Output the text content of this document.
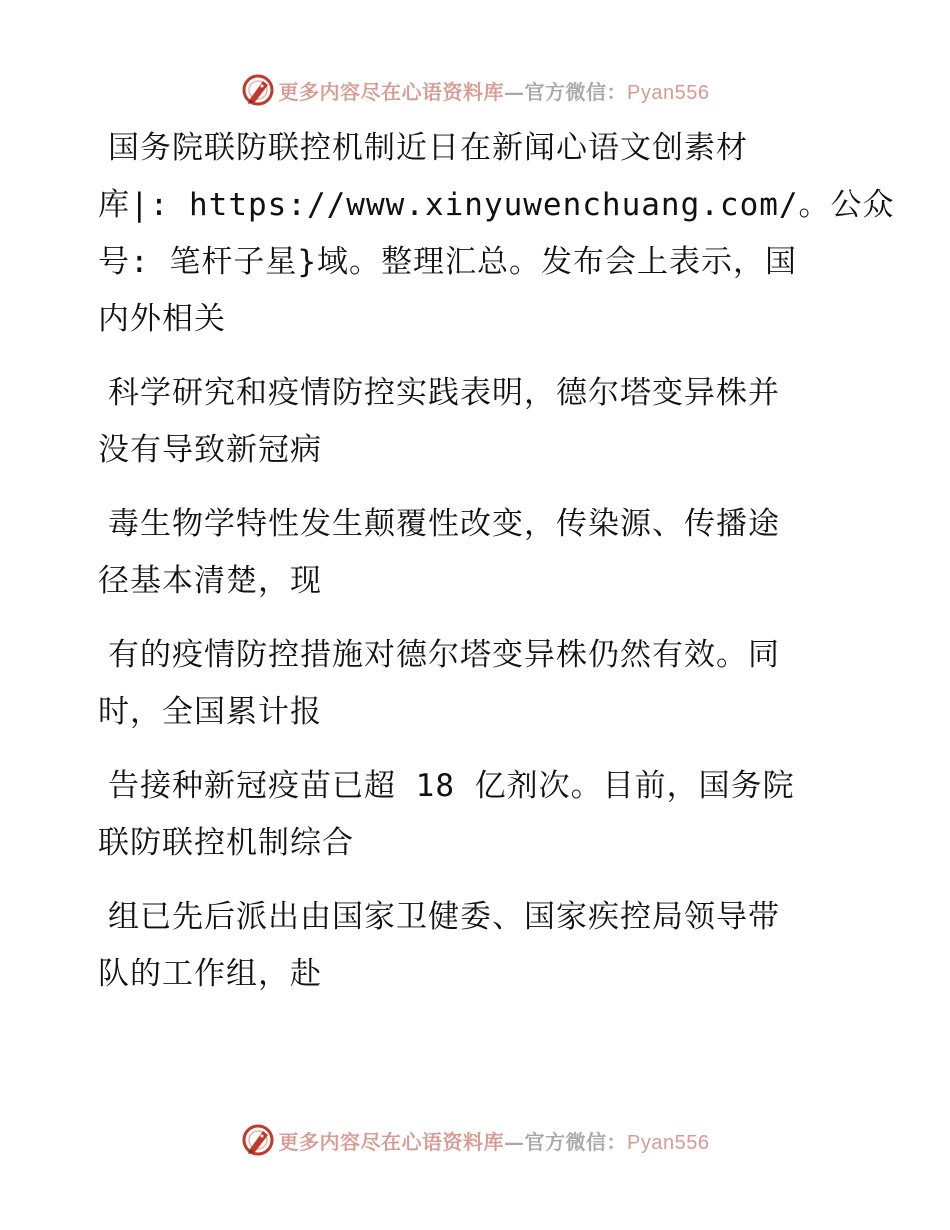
更多内容尽在心语资料库—官方微信：Pyan556

国务院联防联控机制近日在新闻心语文创素材
库|: https://www.xinyuwenchuang.com/。公众
号: 笔杆子星}域。整理汇总。发布会上表示，国
内外相关

科学研究和疫情防控实践表明，德尔塔变异株并
没有导致新冠病

毒生物学特性发生颠覆性改变，传染源、传播途
径基本清楚，现

有的疫情防控措施对德尔塔变异株仍然有效。同
时，全国累计报

告接种新冠疫苗已超 18 亿剂次。目前，国务院
联防联控机制综合

组已先后派出由国家卫健委、国家疾控局领导带
队的工作组，赴

更多内容尽在心语资料库—官方微信：Pyan556
